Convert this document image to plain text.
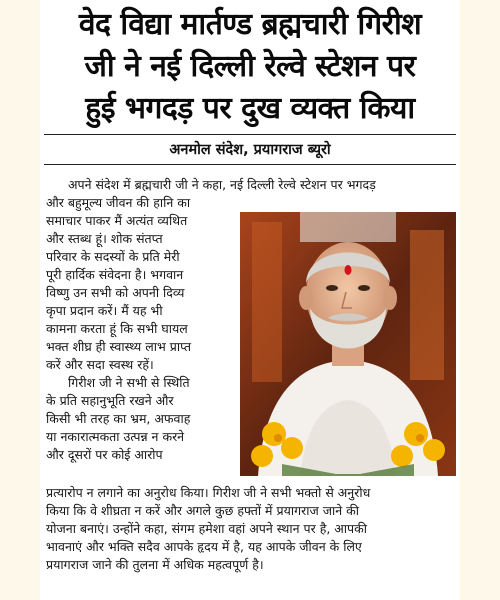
वेद विद्या मार्तण्ड ब्रह्मचारी गिरीश
जी ने नई दिल्ली रेल्वे स्टेशन पर
हुई भगदड़ पर दुख व्यक्त किया
अनमोल संदेश, प्रयागराज ब्यूरो
अपने संदेश में ब्रह्मचारी जी ने कहा, नई दिल्ली रेल्वे स्टेशन पर भगदड़
और बहुमूल्य जीवन की हानि का
समाचार पाकर मैं अत्यंत व्यथित
और स्तब्ध हूं। शोक संतप्त
परिवार के सदस्यों के प्रति मेरी
पूरी हार्दिक संवेदना है। भगवान
विष्णु उन सभी को अपनी दिव्य
कृपा प्रदान करें। मैं यह भी
कामना करता हूं कि सभी घायल
भक्त शीघ्र ही स्वास्थ्य लाभ प्राप्त
करें और सदा स्वस्थ रहें।
गिरीश जी ने सभी से स्थिति
के प्रति सहानुभूति रखने और
किसी भी तरह का भ्रम, अफवाह
या नकारात्मकता उत्पन्न न करने
और दूसरों पर कोई आरोप
प्रत्यारोप न लगाने का अनुरोध किया। गिरीश जी ने सभी भक्तो से अनुरोध
किया कि वे शीघ्रता न करें और अगले कुछ हफ्तों में प्रयागराज जाने की
योजना बनाएं। उन्होंने कहा, संगम हमेशा वहां अपने स्थान पर है, आपकी
भावनाएं और भक्ति सदैव आपके हृदय में है, यह आपके जीवन के लिए
प्रयागराज जाने की तुलना में अधिक महत्वपूर्ण है।
